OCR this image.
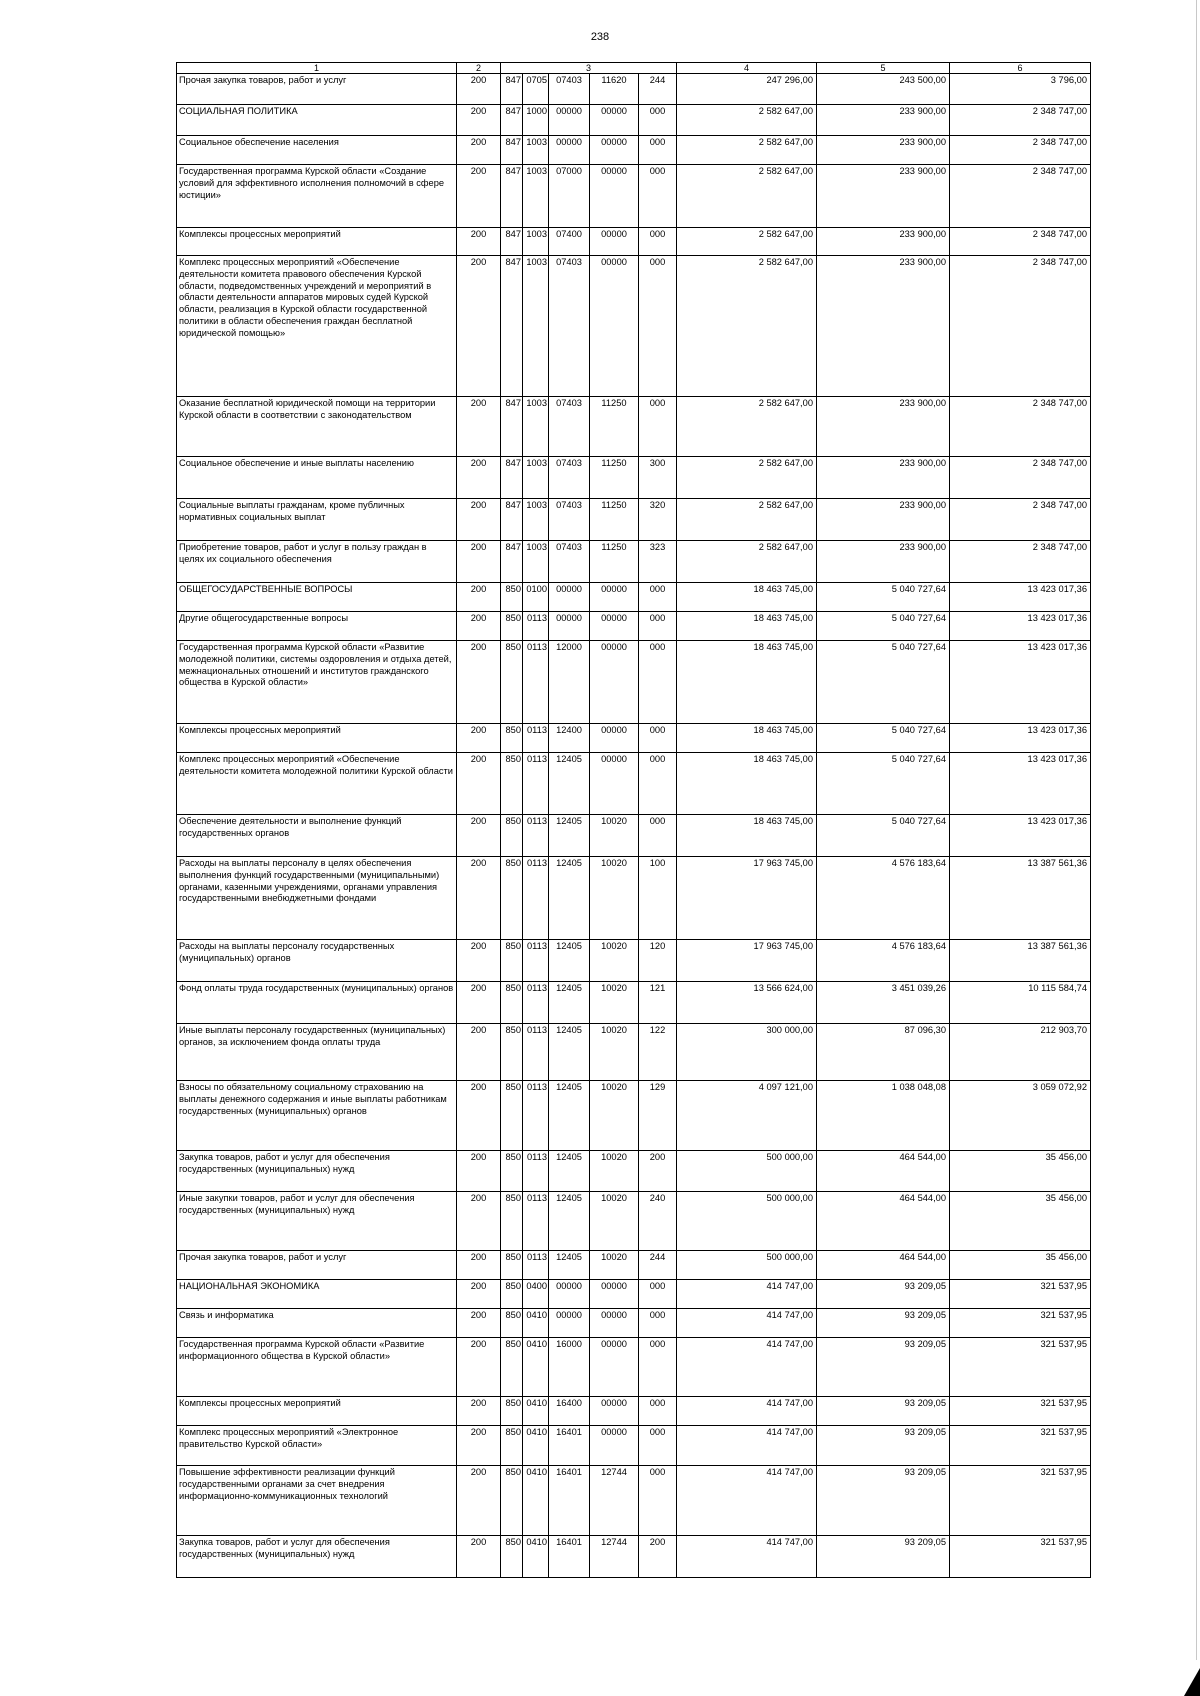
238
1	2	3					4	5	6
Прочая закупка товаров, работ и услуг	200	847	0705	07403	11620	244	247 296,00	243 500,00	3 796,00
СОЦИАЛЬНАЯ ПОЛИТИКА	200	847	1000	00000	00000	000	2 582 647,00	233 900,00	2 348 747,00
Социальное обеспечение населения	200	847	1003	00000	00000	000	2 582 647,00	233 900,00	2 348 747,00
Государственная программа Курской области «Создание условий для эффективного исполнения полномочий в сфере юстиции»	200	847	1003	07000	00000	000	2 582 647,00	233 900,00	2 348 747,00
Комплексы процессных мероприятий	200	847	1003	07400	00000	000	2 582 647,00	233 900,00	2 348 747,00
Комплекс процессных мероприятий «Обеспечение деятельности комитета правового обеспечения Курской области, подведомственных учреждений и мероприятий в области деятельности аппаратов мировых судей Курской области, реализация в Курской области государственной политики в области обеспечения граждан бесплатной юридической помощью»	200	847	1003	07403	00000	000	2 582 647,00	233 900,00	2 348 747,00
Оказание бесплатной юридической помощи на территории Курской области в соответствии с законодательством	200	847	1003	07403	11250	000	2 582 647,00	233 900,00	2 348 747,00
Социальное обеспечение и иные выплаты населению	200	847	1003	07403	11250	300	2 582 647,00	233 900,00	2 348 747,00
Социальные выплаты гражданам, кроме публичных нормативных социальных выплат	200	847	1003	07403	11250	320	2 582 647,00	233 900,00	2 348 747,00
Приобретение товаров, работ и услуг в пользу граждан в целях их социального обеспечения	200	847	1003	07403	11250	323	2 582 647,00	233 900,00	2 348 747,00
ОБЩЕГОСУДАРСТВЕННЫЕ ВОПРОСЫ	200	850	0100	00000	00000	000	18 463 745,00	5 040 727,64	13 423 017,36
Другие общегосударственные вопросы	200	850	0113	00000	00000	000	18 463 745,00	5 040 727,64	13 423 017,36
Государственная программа Курской области «Развитие молодежной политики, системы оздоровления и отдыха детей, межнациональных отношений и институтов гражданского общества в Курской области»	200	850	0113	12000	00000	000	18 463 745,00	5 040 727,64	13 423 017,36
Комплексы процессных мероприятий	200	850	0113	12400	00000	000	18 463 745,00	5 040 727,64	13 423 017,36
Комплекс процессных мероприятий «Обеспечение деятельности комитета молодежной политики Курской области	200	850	0113	12405	00000	000	18 463 745,00	5 040 727,64	13 423 017,36
Обеспечение деятельности и выполнение функций государственных органов	200	850	0113	12405	10020	000	18 463 745,00	5 040 727,64	13 423 017,36
Расходы на выплаты персоналу в целях обеспечения выполнения функций государственными (муниципальными) органами, казенными учреждениями, органами управления государственными внебюджетными фондами	200	850	0113	12405	10020	100	17 963 745,00	4 576 183,64	13 387 561,36
Расходы на выплаты персоналу государственных (муниципальных) органов	200	850	0113	12405	10020	120	17 963 745,00	4 576 183,64	13 387 561,36
Фонд оплаты труда государственных (муниципальных) органов	200	850	0113	12405	10020	121	13 566 624,00	3 451 039,26	10 115 584,74
Иные выплаты персоналу государственных (муниципальных) органов, за исключением фонда оплаты труда	200	850	0113	12405	10020	122	300 000,00	87 096,30	212 903,70
Взносы по обязательному социальному страхованию на выплаты денежного содержания и иные выплаты работникам государственных (муниципальных) органов	200	850	0113	12405	10020	129	4 097 121,00	1 038 048,08	3 059 072,92
Закупка товаров, работ и услуг для обеспечения государственных (муниципальных) нужд	200	850	0113	12405	10020	200	500 000,00	464 544,00	35 456,00
Иные закупки товаров, работ и услуг для обеспечения государственных (муниципальных) нужд	200	850	0113	12405	10020	240	500 000,00	464 544,00	35 456,00
Прочая закупка товаров, работ и услуг	200	850	0113	12405	10020	244	500 000,00	464 544,00	35 456,00
НАЦИОНАЛЬНАЯ ЭКОНОМИКА	200	850	0400	00000	00000	000	414 747,00	93 209,05	321 537,95
Связь и информатика	200	850	0410	00000	00000	000	414 747,00	93 209,05	321 537,95
Государственная программа Курской области «Развитие информационного общества в Курской области»	200	850	0410	16000	00000	000	414 747,00	93 209,05	321 537,95
Комплексы процессных мероприятий	200	850	0410	16400	00000	000	414 747,00	93 209,05	321 537,95
Комплекс процессных мероприятий «Электронное правительство Курской области»	200	850	0410	16401	00000	000	414 747,00	93 209,05	321 537,95
Повышение эффективности реализации функций государственными органами за счет внедрения информационно-коммуникационных технологий	200	850	0410	16401	12744	000	414 747,00	93 209,05	321 537,95
Закупка товаров, работ и услуг для обеспечения государственных (муниципальных) нужд	200	850	0410	16401	12744	200	414 747,00	93 209,05	321 537,95
